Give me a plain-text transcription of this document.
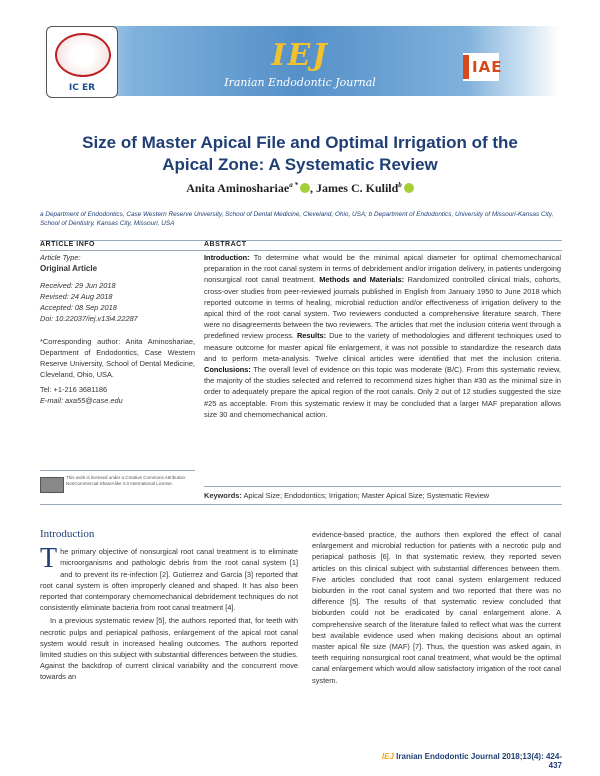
IC ER
IEJ
Iranian Endodontic Journal
IAE
Size of Master Apical File and Optimal Irrigation of the Apical Zone: A Systematic Review
Anita Aminoshariae$^{a *}$ , James C. Kulild$^b$
a Department of Endodontics, Case Western Reserve University, School of Dental Medicine, Cleveland, Ohio, USA; b Department of Endodontics, University of Missouri-Kansas City, School of Dentistry, Kansas City, Missouri, USA
ARTICLE INFO	ABSTRACT

Article Type:

Original Article

Received: 29 Jun 2018

Revised: 24 Aug 2018

Accepted: 08 Sep 2018

Doi: 10.22037/iej.v13i4.22287

*Corresponding author: Anita Aminoshariae, Department of Endodontics, Case Western Reserve University, School of Dental Medicine, Cleveland, Ohio, USA.

Tel: +1-216 3681186

E-mail: axa55@case.edu

This work is licensed under a Creative Commons Attribution-NonCommercial-ShareAlike 4.0 International License.
Introduction: To determine what would be the minimal apical diameter for optimal chemomechanical preparation in the root canal system in terms of debridement and/or irrigation delivery, in patients undergoing nonsurgical root canal treatment. Methods and Materials: Randomized controlled clinical trials, cohorts, cross-over studies from peer-reviewed journals published in English from January 1950 to June 2018 which reported outcome in terms of healing, microbial reduction and/or effectiveness of irrigation delivery to the apical third of the root canal system. Two reviewers conducted a comprehensive literature search. There were no disagreements between the two reviewers. The articles that met the inclusion criteria went through a predefined review process. Results: Due to the variety of methodologies and different techniques used to measure outcome for master apical file enlargement, it was not possible to standardize the research data and to perform meta-analysis. Twelve clinical articles were identified that met the inclusion criteria. Conclusions: The overall level of evidence on this topic was moderate (B/C). From this systematic review, the majority of the studies selected and referred to recommend sizes higher than #30 as the minimal size in order to adequately prepare the apical region of the root canals. Only 2 out of 12 studies suggested the size #25 as acceptable. From this systematic review it may be concluded that a larger MAF preparation allows size 30 and chemomechanical action.
Keywords: Apical Size; Endodontics; Irrigation; Master Apical Size; Systematic Review
Introduction

The primary objective of nonsurgical root canal treatment is to eliminate microorganisms and pathologic debris from the root canal system [1] and to prevent its re-infection [2]. Gutierrez and Garcia [3] reported that root canal system is often improperly cleaned and shaped. It has also been reported that contemporary chemomechanical debridement techniques do not consistently eliminate bacteria from root canal treatment [4].

In a previous systematic review [5], the authors reported that, for teeth with necrotic pulps and periapical pathosis, enlargement of the apical root canal system would result in increased healing outcomes. The authors reported limited studies on this subject with substantial differences between the studies. Against the backdrop of current clinical variability and the concurrent move towards an

evidence-based practice, the authors then explored the effect of canal enlargement and microbial reduction for patients with a necrotic pulp and periapical pathosis [6]. In that systematic review, they reported seven articles on this clinical subject with substantial differences between them. Five articles concluded that root canal system enlargement reduced bioburden in the root canal system and two reported that there was no difference [5]. The results of that systematic review concluded that bioburden could not be eradicated by canal enlargement alone. A comprehensive search of the literature failed to reflect what was the current best available evidence used when making decisions about an optimal master apical file size (MAF) [7]. Thus, the question was asked again, in teeth requiring nonsurgical root canal treatment, what would be the optimal canal enlargement which would allow satisfactory irrigation of the root canal system.

IEJ Iranian Endodontic Journal 2018;13(4): 424-437
